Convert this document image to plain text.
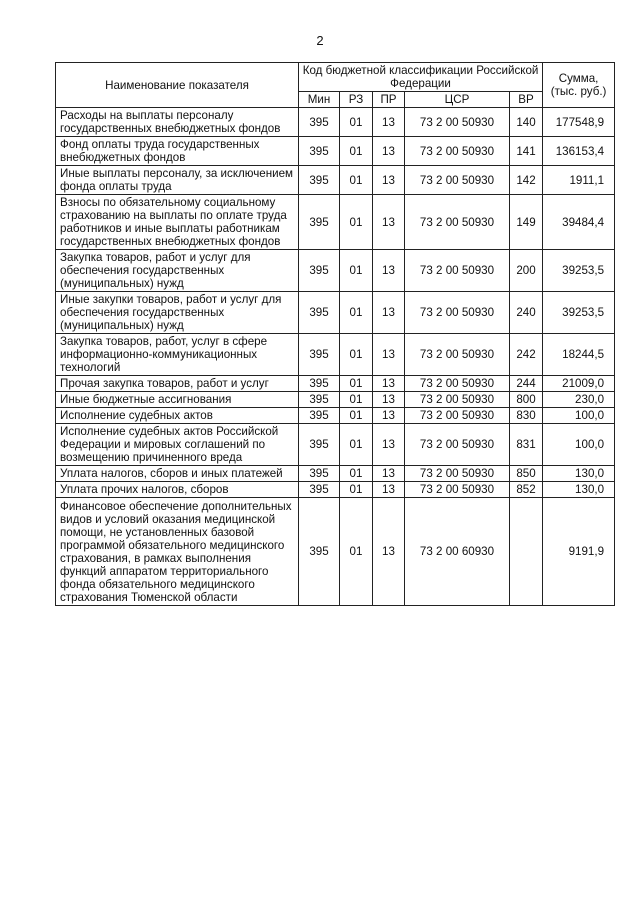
2
Наименование показателя	Код бюджетной классификации Российской Федерации					Сумма, (тыс. руб.)
	Мин	РЗ	ПР	ЦСР	ВР	
Расходы на выплаты персоналу государственных внебюджетных фондов	395	01	13	73 2 00 50930	140	177548,9
Фонд оплаты труда государственных внебюджетных фондов	395	01	13	73 2 00 50930	141	136153,4
Иные выплаты персоналу, за исключением фонда оплаты труда	395	01	13	73 2 00 50930	142	1911,1
Взносы по обязательному социальному страхованию на выплаты по оплате труда работников и иные выплаты работникам государственных внебюджетных фондов	395	01	13	73 2 00 50930	149	39484,4
Закупка товаров, работ и услуг для обеспечения государственных (муниципальных) нужд	395	01	13	73 2 00 50930	200	39253,5
Иные закупки товаров, работ и услуг для обеспечения государственных (муниципальных) нужд	395	01	13	73 2 00 50930	240	39253,5
Закупка товаров, работ, услуг в сфере информационно-коммуникационных технологий	395	01	13	73 2 00 50930	242	18244,5
Прочая закупка товаров, работ и услуг	395	01	13	73 2 00 50930	244	21009,0
Иные бюджетные ассигнования	395	01	13	73 2 00 50930	800	230,0
Исполнение судебных актов	395	01	13	73 2 00 50930	830	100,0
Исполнение судебных актов Российской Федерации и мировых соглашений по возмещению причиненного вреда	395	01	13	73 2 00 50930	831	100,0
Уплата налогов, сборов и иных платежей	395	01	13	73 2 00 50930	850	130,0
Уплата прочих налогов, сборов	395	01	13	73 2 00 50930	852	130,0
Финансовое обеспечение дополнительных видов и условий оказания медицинской помощи, не установленных базовой программой обязательного медицинского страхования, в рамках выполнения функций аппаратом территориального фонда обязательного медицинского страхования Тюменской области	395	01	13	73 2 00 60930		9191,9
